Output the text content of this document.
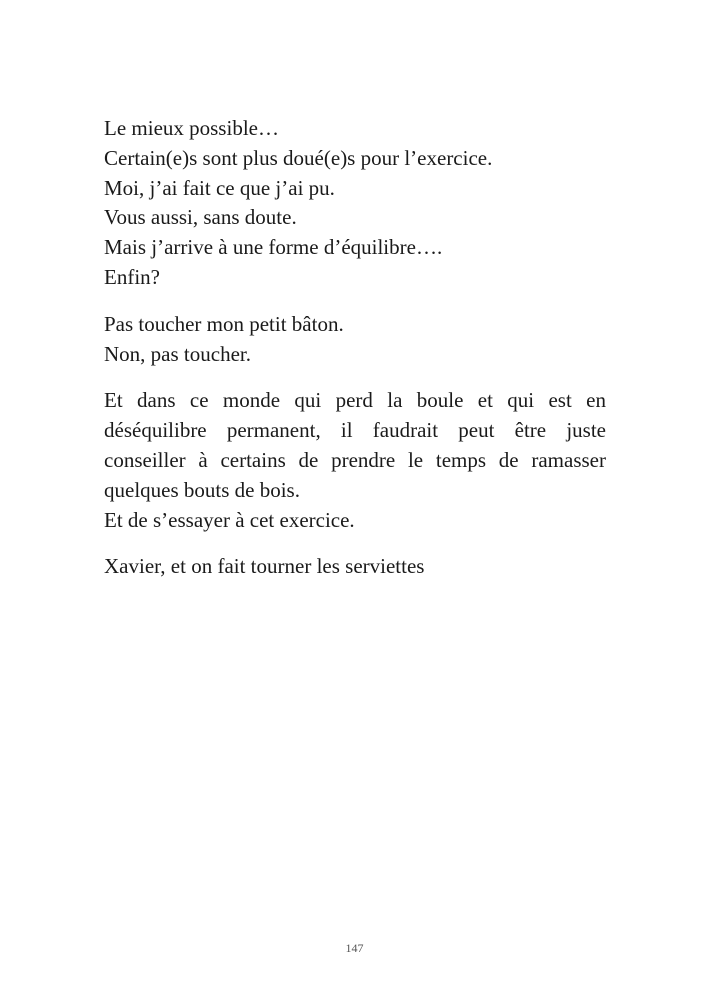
Le mieux possible…
Certain(e)s sont plus doué(e)s pour l’exercice.
Moi, j’ai fait ce que j’ai pu.
Vous aussi, sans doute.
Mais j’arrive à une forme d’équilibre….
Enfin?

Pas toucher mon petit bâton.
Non, pas toucher.

Et dans ce monde qui perd la boule et qui est en
déséquilibre permanent, il faudrait peut être juste
conseiller à certains de prendre le temps de ramasser
quelques bouts de bois.
Et de s’essayer à cet exercice.

Xavier, et on fait tourner les serviettes

147
